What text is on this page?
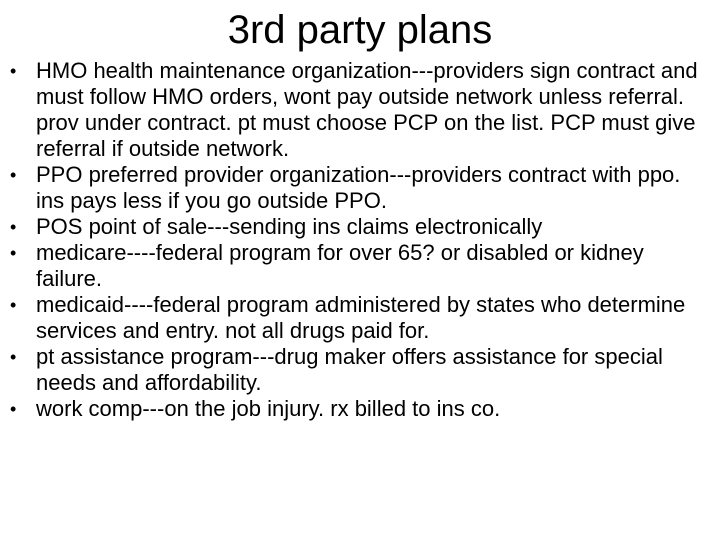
3rd party plans
• HMO health maintenance organization---providers sign contract and must follow HMO orders, wont pay outside network unless referral. prov under contract. pt must choose PCP on the list. PCP must give referral if outside network.
• PPO preferred provider organization---providers contract with ppo. ins pays less if you go outside PPO.
• POS point of sale---sending ins claims electronically
• medicare----federal program for over 65? or disabled or kidney failure.
• medicaid----federal program administered by states who determine services and entry. not all drugs paid for.
• pt assistance program---drug maker offers assistance for special needs and affordability.
• work comp---on the job injury. rx billed to ins co.
